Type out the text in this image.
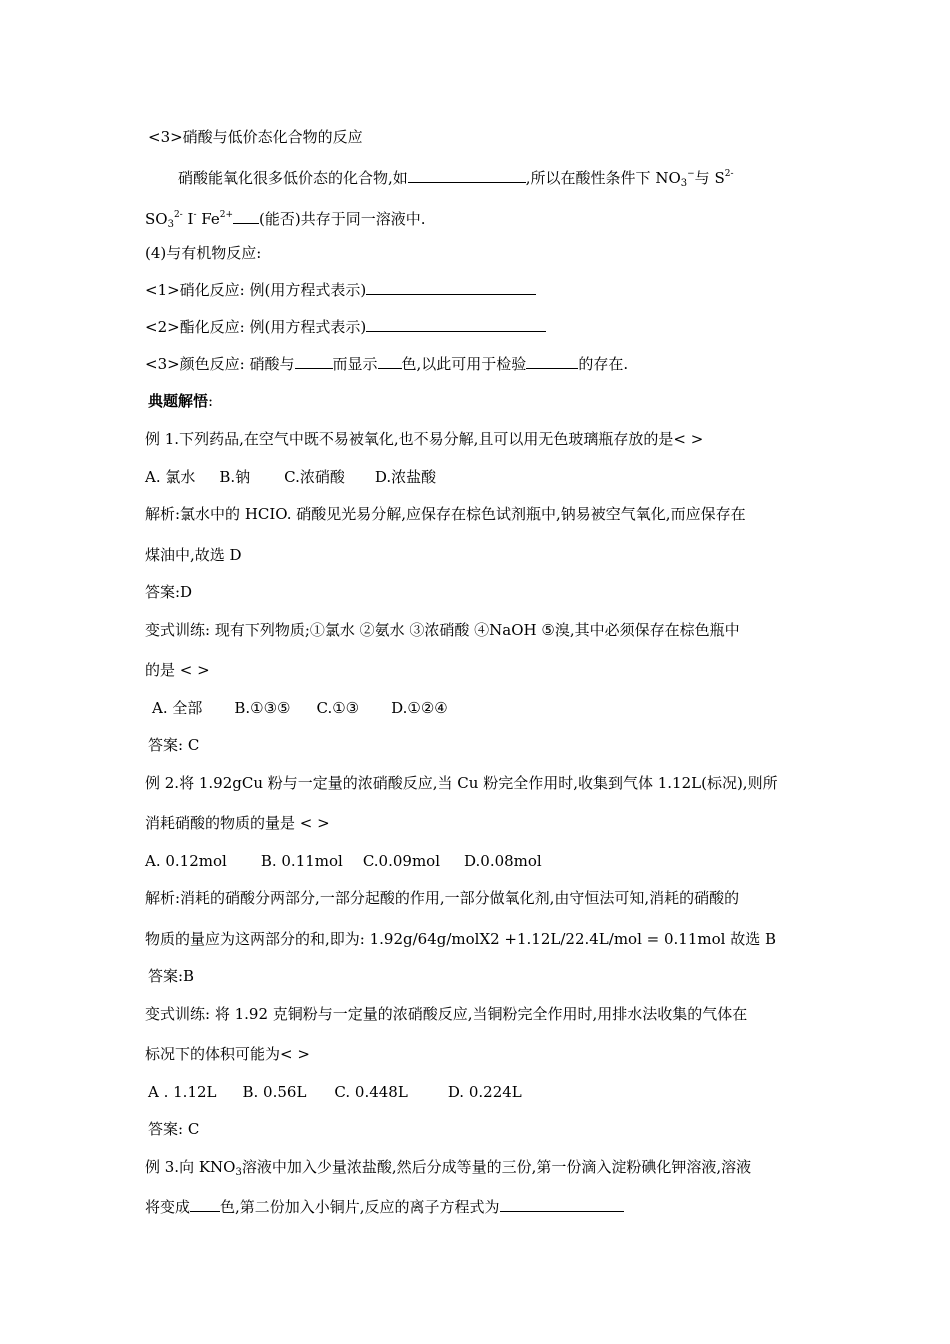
<3>硝酸与低价态化合物的反应
硝酸能氧化很多低价态的化合物,如	,所以在酸性条件下 $NO_3^-$与 $S^{2-}$
$SO_3^{2-}$ I- $Fe^{2+}$ (能否)共存于同一溶液中.
(4)与有机物反应:
<1>硝化反应: 例(用方程式表示)
<2>酯化反应: 例(用方程式表示)
<3>颜色反应: 硝酸与	而显示 色,以此可用于检验	的存在.
典题解悟:
例 1.下列药品,在空气中既不易被氧化,也不易分解,且可以用无色玻璃瓶存放的是< >
A. 氯水 B.钠 C.浓硝酸 D.浓盐酸
解析:氯水中的 HCIO. 硝酸见光易分解,应保存在棕色试剂瓶中,钠易被空气氧化,而应保存在
煤油中,故选 D
答案:D
变式训练: 现有下列物质;①氯水 ②氨水 ③浓硝酸 ④NaOH ⑤溴,其中必须保存在棕色瓶中
的是 < >
A. 全部 B.①③⑤ C.①③ D.①②④
答案: C
例 2.将 1.92gCu 粉与一定量的浓硝酸反应,当 Cu 粉完全作用时,收集到气体 1.12L(标况),则所
消耗硝酸的物质的量是 < >
A. 0.12mol B. 0.11mol C.0.09mol D.0.08mol
解析:消耗的硝酸分两部分,一部分起酸的作用,一部分做氧化剂,由守恒法可知,消耗的硝酸的
物质的量应为这两部分的和,即为: 1.92g/64g/molX2 +1.12L/22.4L/mol = 0.11mol 故选 B
答案:B
变式训练: 将 1.92 克铜粉与一定量的浓硝酸反应,当铜粉完全作用时,用排水法收集的气体在
标况下的体积可能为< >
A . 1.12L B. 0.56L C. 0.448L	D. 0.224L
答案: C
例 3.向 $KNO_3$溶液中加入少量浓盐酸,然后分成等量的三份,第一份滴入淀粉碘化钾溶液,溶液
将变成 色,第二份加入小铜片,反应的离子方程式为
